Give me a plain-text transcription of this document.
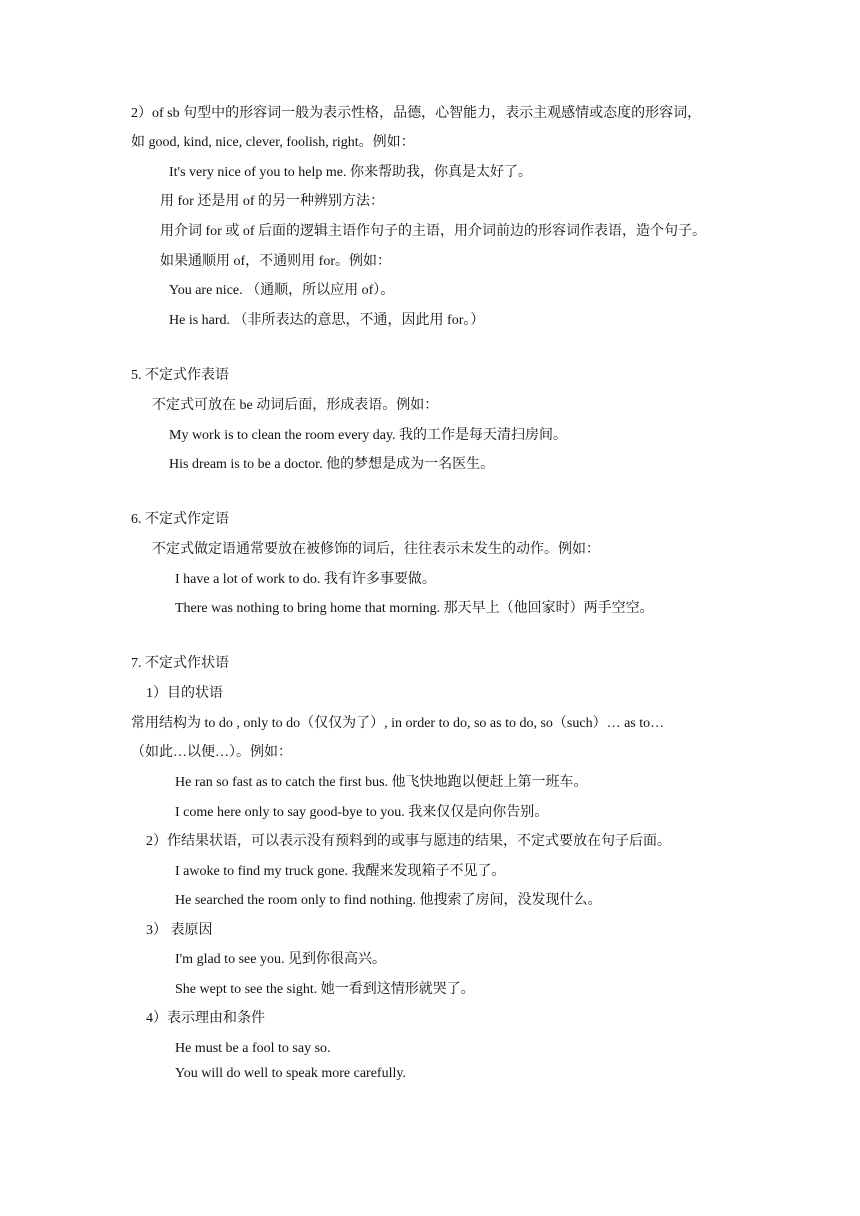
2）of sb 句型中的形容词一般为表示性格，品德，心智能力，表示主观感情或态度的形容词，
如 good, kind, nice, clever, foolish, right。例如：
It's very nice of you to help me. 你来帮助我，你真是太好了。
用 for 还是用 of 的另一种辨别方法：
用介词 for 或 of 后面的逻辑主语作句子的主语，用介词前边的形容词作表语，造个句子。
如果通顺用 of，不通则用 for。例如：
You are nice. （通顺，所以应用 of）。
He is hard. （非所表达的意思，不通，因此用 for。）
5. 不定式作表语
不定式可放在 be 动词后面，形成表语。例如：
My work is to clean the room every day. 我的工作是每天清扫房间。
His dream is to be a doctor. 他的梦想是成为一名医生。
6. 不定式作定语
不定式做定语通常要放在被修饰的词后，往往表示未发生的动作。例如：
I have a lot of work to do. 我有许多事要做。
There was nothing to bring home that morning. 那天早上（他回家时）两手空空。
7. 不定式作状语
1）目的状语
常用结构为 to do , only to do（仅仅为了）, in order to do, so as to do, so（such）… as to…
（如此…以便…）。例如：
He ran so fast as to catch the first bus. 他飞快地跑以便赶上第一班车。
I come here only to say good-bye to you. 我来仅仅是向你告别。
2）作结果状语，可以表示没有预料到的或事与愿违的结果，不定式要放在句子后面。
I awoke to find my truck gone. 我醒来发现箱子不见了。
He searched the room only to find nothing. 他搜索了房间，没发现什么。
3） 表原因
I'm glad to see you. 见到你很高兴。
She wept to see the sight. 她一看到这情形就哭了。
4）表示理由和条件
He must be a fool to say so.
You will do well to speak more carefully.
